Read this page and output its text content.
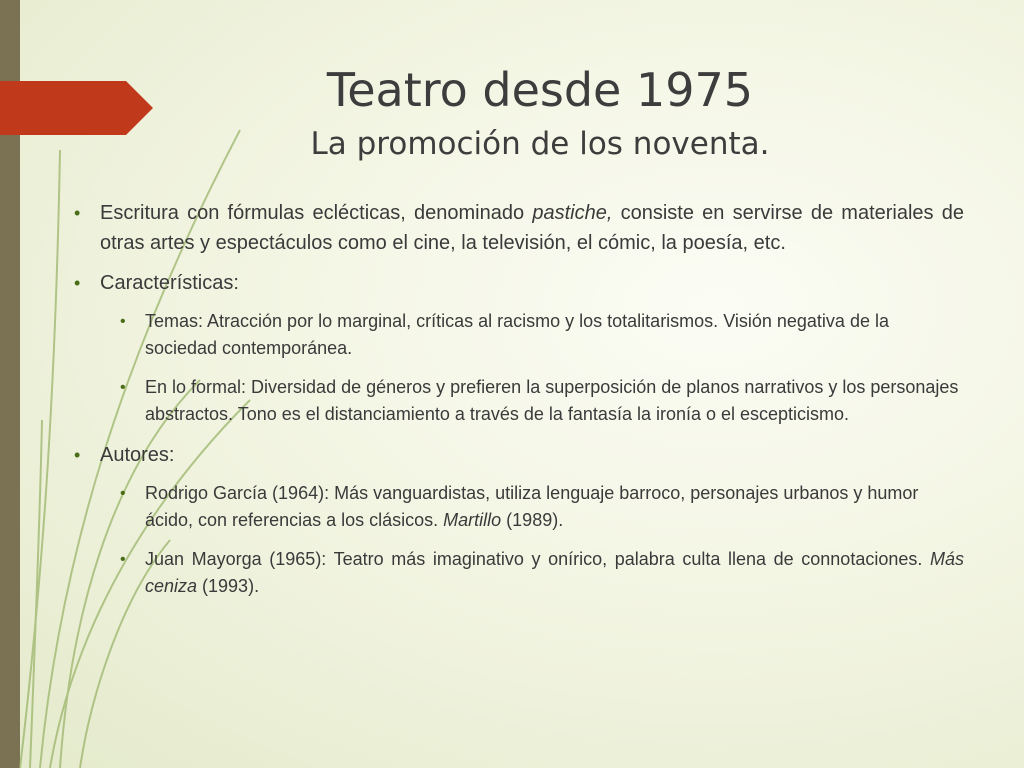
Teatro desde 1975
La promoción de los noventa.
• Escritura con fórmulas eclécticas, denominado pastiche, consiste en servirse de materiales de otras artes y espectáculos como el cine, la televisión, el cómic, la poesía, etc.
• Características:
• Temas: Atracción por lo marginal, críticas al racismo y los totalitarismos. Visión negativa de la sociedad contemporánea.
• En lo formal: Diversidad de géneros y prefieren la superposición de planos narrativos y los personajes abstractos. Tono es el distanciamiento a través de la fantasía la ironía o el escepticismo.
• Autores:
• Rodrigo García (1964): Más vanguardistas, utiliza lenguaje barroco, personajes urbanos y humor ácido, con referencias a los clásicos. Martillo (1989).
• Juan Mayorga (1965): Teatro más imaginativo y onírico, palabra culta llena de connotaciones. Más ceniza (1993).
